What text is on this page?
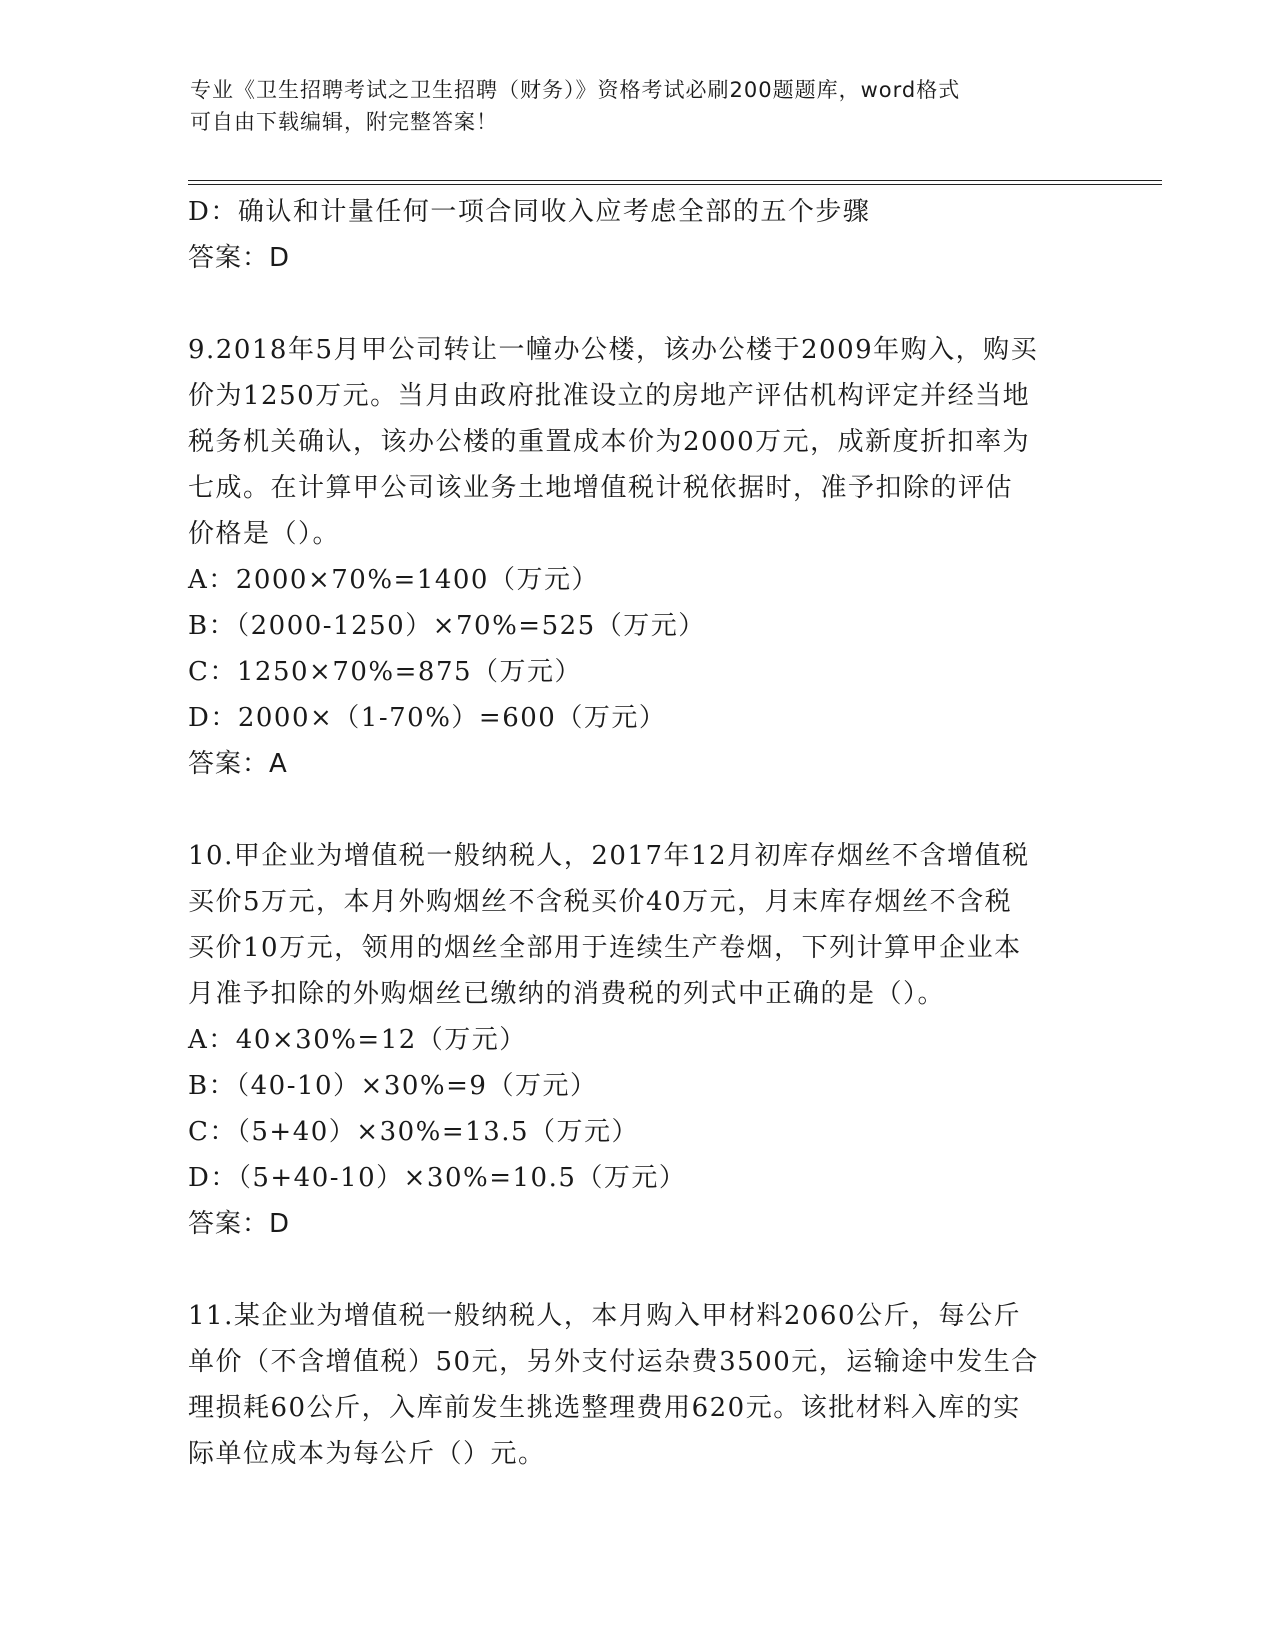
专业《卫生招聘考试之卫生招聘（财务）》资格考试必刷200题题库，word格式
可自由下载编辑，附完整答案！
D：确认和计量任何一项合同收入应考虑全部的五个步骤
答案：D
9.2018年5月甲公司转让一幢办公楼，该办公楼于2009年购入，购买
价为1250万元。当月由政府批准设立的房地产评估机构评定并经当地
税务机关确认，该办公楼的重置成本价为2000万元，成新度折扣率为
七成。在计算甲公司该业务土地增值税计税依据时，准予扣除的评估
价格是（）。
A：2000×70%=1400（万元）
B：（2000-1250）×70%=525（万元）
C：1250×70%=875（万元）
D：2000×（1-70%）=600（万元）
答案：A
10.甲企业为增值税一般纳税人，2017年12月初库存烟丝不含增值税
买价5万元，本月外购烟丝不含税买价40万元，月末库存烟丝不含税
买价10万元，领用的烟丝全部用于连续生产卷烟，下列计算甲企业本
月准予扣除的外购烟丝已缴纳的消费税的列式中正确的是（）。
A：40×30%=12（万元）
B：（40-10）×30%=9（万元）
C：（5+40）×30%=13.5（万元）
D：（5+40-10）×30%=10.5（万元）
答案：D
11.某企业为增值税一般纳税人，本月购入甲材料2060公斤，每公斤
单价（不含增值税）50元，另外支付运杂费3500元，运输途中发生合
理损耗60公斤，入库前发生挑选整理费用620元。该批材料入库的实
际单位成本为每公斤（）元。
